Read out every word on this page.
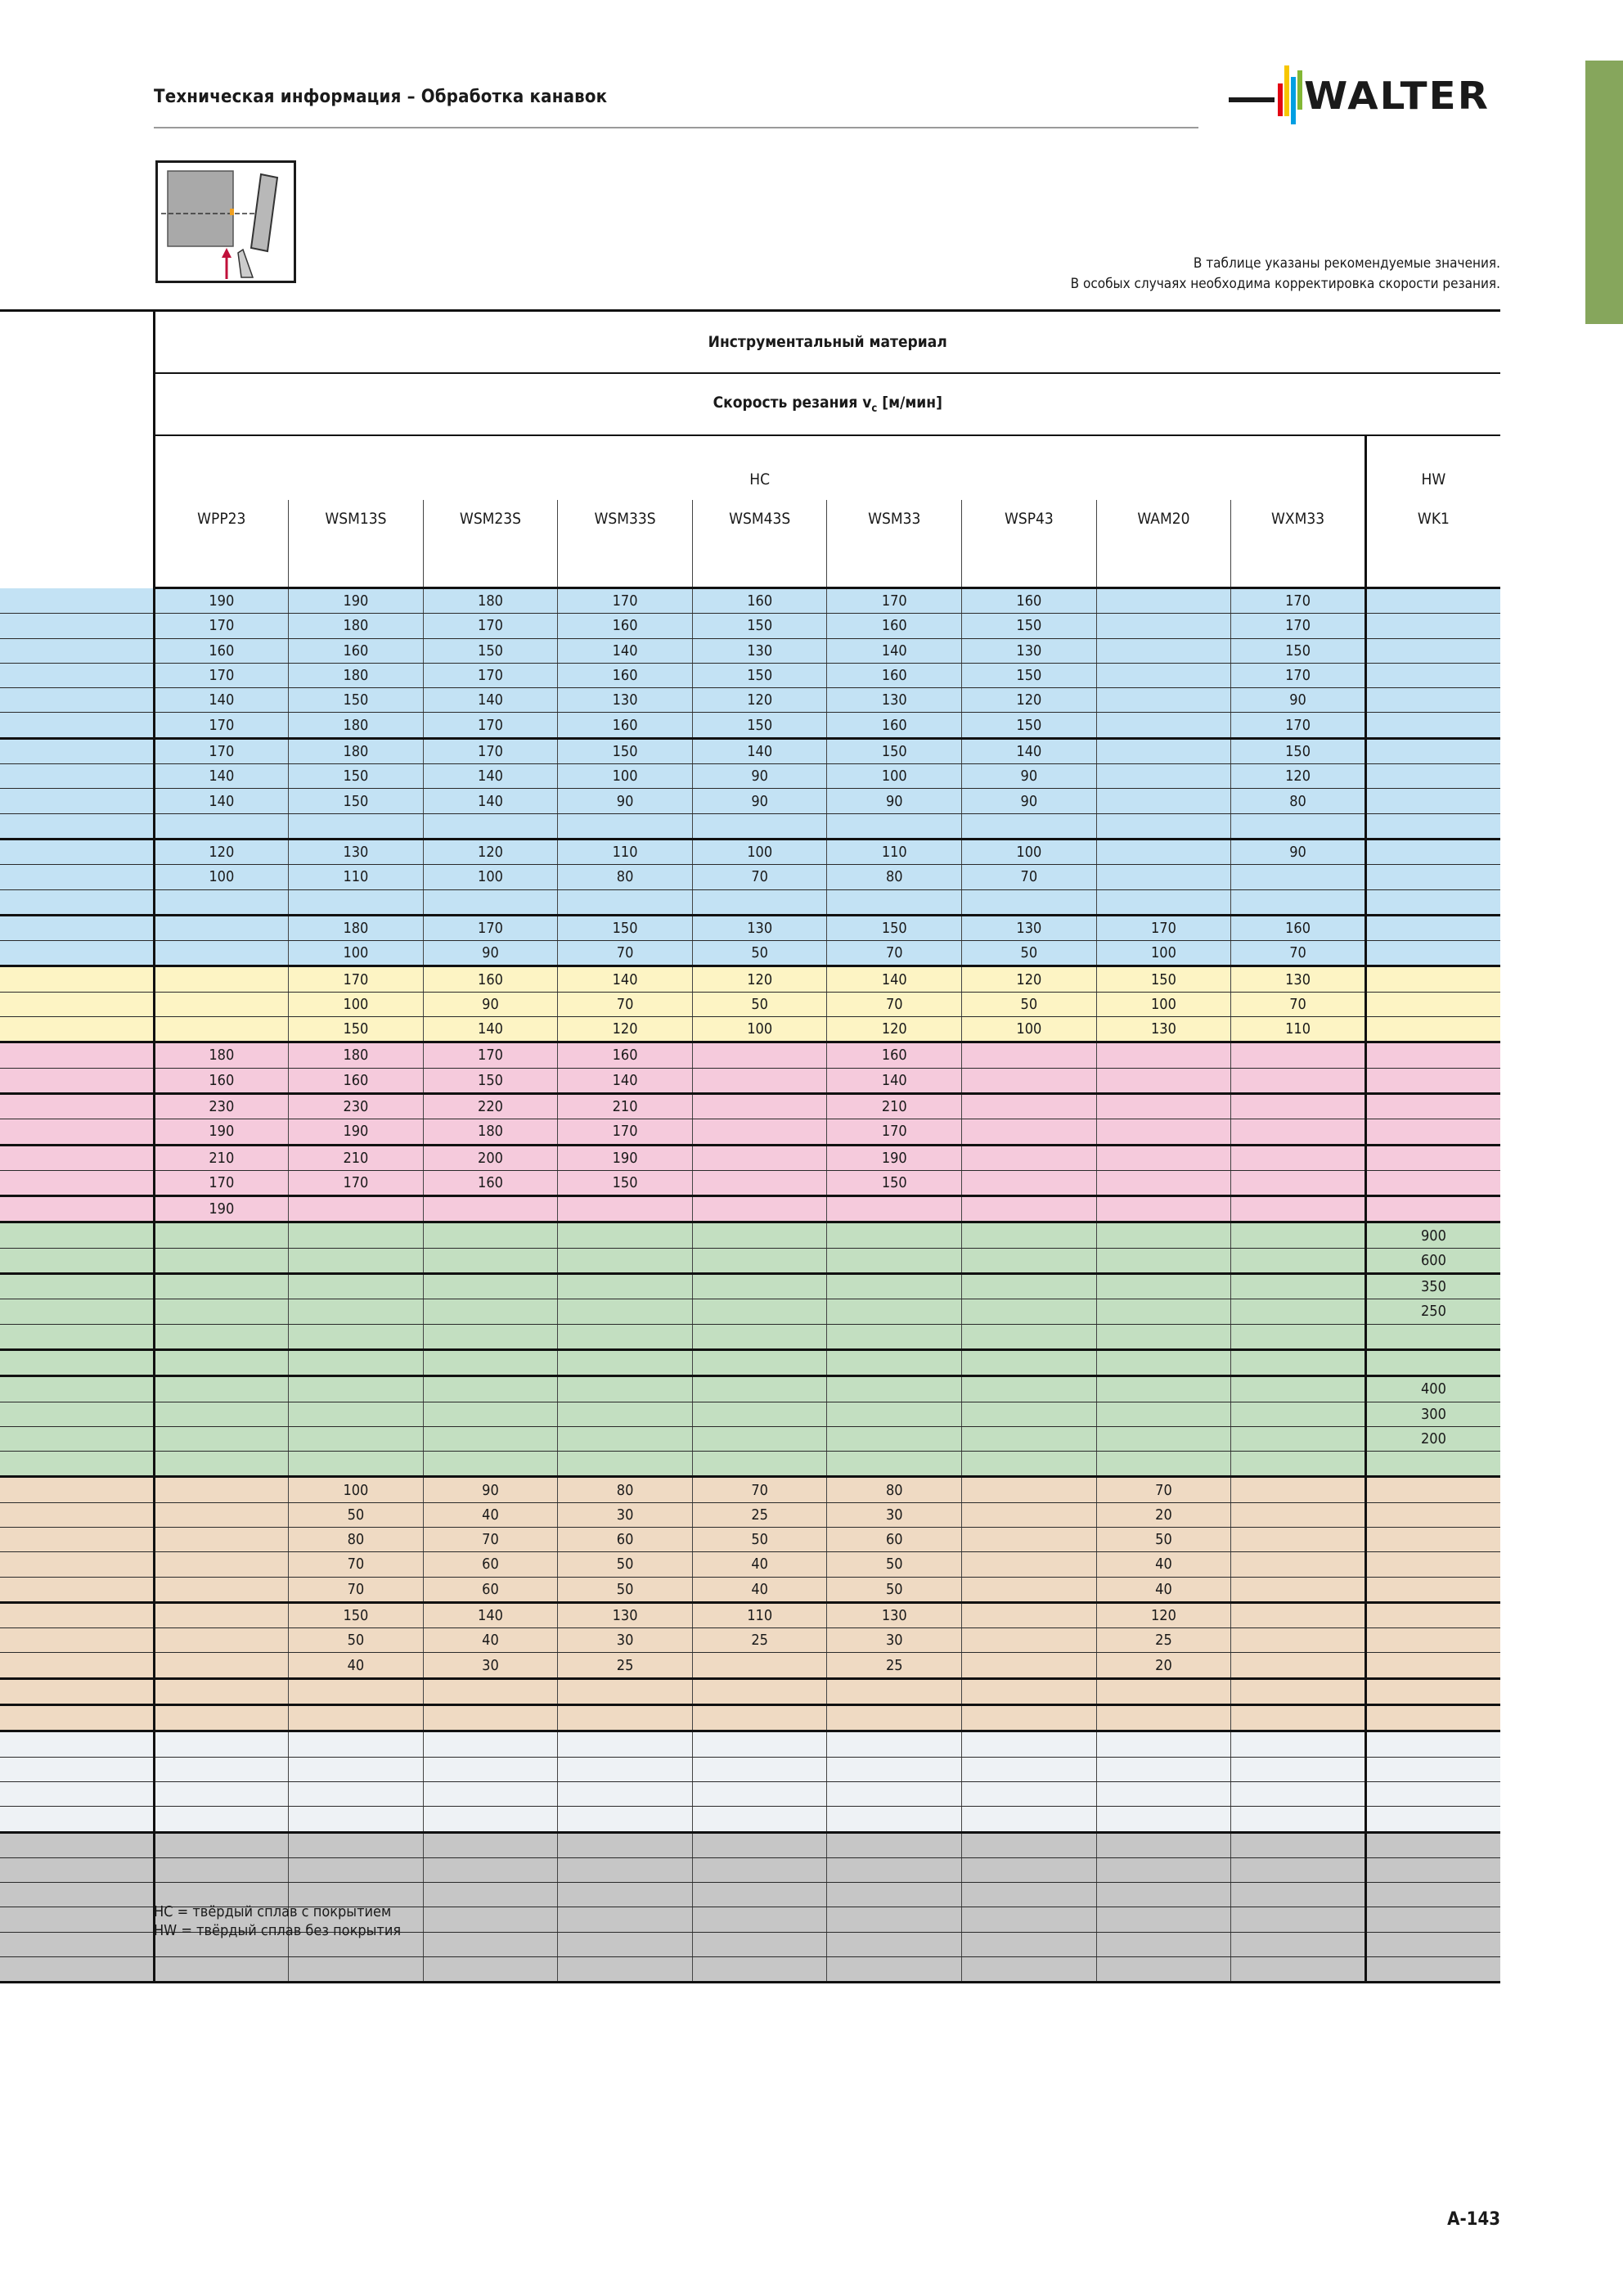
Техническая информация – Обработка канавок	WALTER
В таблице указаны рекомендуемые значения.
В особых случаях необходима корректировка скорости резания.
	Инструментальный материал									
	Скорость резания $v_c$ [м/мин]									
	HC									HW
	WPP23	WSM13S	WSM23S	WSM33S	WSM43S	WSM33	WSP43	WAM20	WXM33	WK1
	190	190	180	170	160	170	160		170	
	170	180	170	160	150	160	150		170	
	160	160	150	140	130	140	130		150	
	170	180	170	160	150	160	150		170	
	140	150	140	130	120	130	120		90	
	170	180	170	160	150	160	150		170	
	170	180	170	150	140	150	140		150	
	140	150	140	100	90	100	90		120	
	140	150	140	90	90	90	90		80	

	120	130	120	110	100	110	100		90	
	100	110	100	80	70	80	70			

		180	170	150	130	150	130	170	160	
		100	90	70	50	70	50	100	70	
		170	160	140	120	140	120	150	130	
		100	90	70	50	70	50	100	70	
		150	140	120	100	120	100	130	110	
	180	180	170	160		160				
	160	160	150	140		140				
	230	230	220	210		210				
	190	190	180	170		170				
	210	210	200	190		190				
	170	170	160	150		150				
	190									
										900
										600
										350
										250

										400
										300
										200

		100	90	80	70	80		70		
		50	40	30	25	30		20		
		80	70	60	50	60		50		
		70	60	50	40	50		40		
		70	60	50	40	50		40		
		150	140	130	110	130		120		
		50	40	30	25	30		25		
		40	30	25		25		20		

HC = твёрдый сплав с покрытием
HW = твёрдый сплав без покрытия
A-143
